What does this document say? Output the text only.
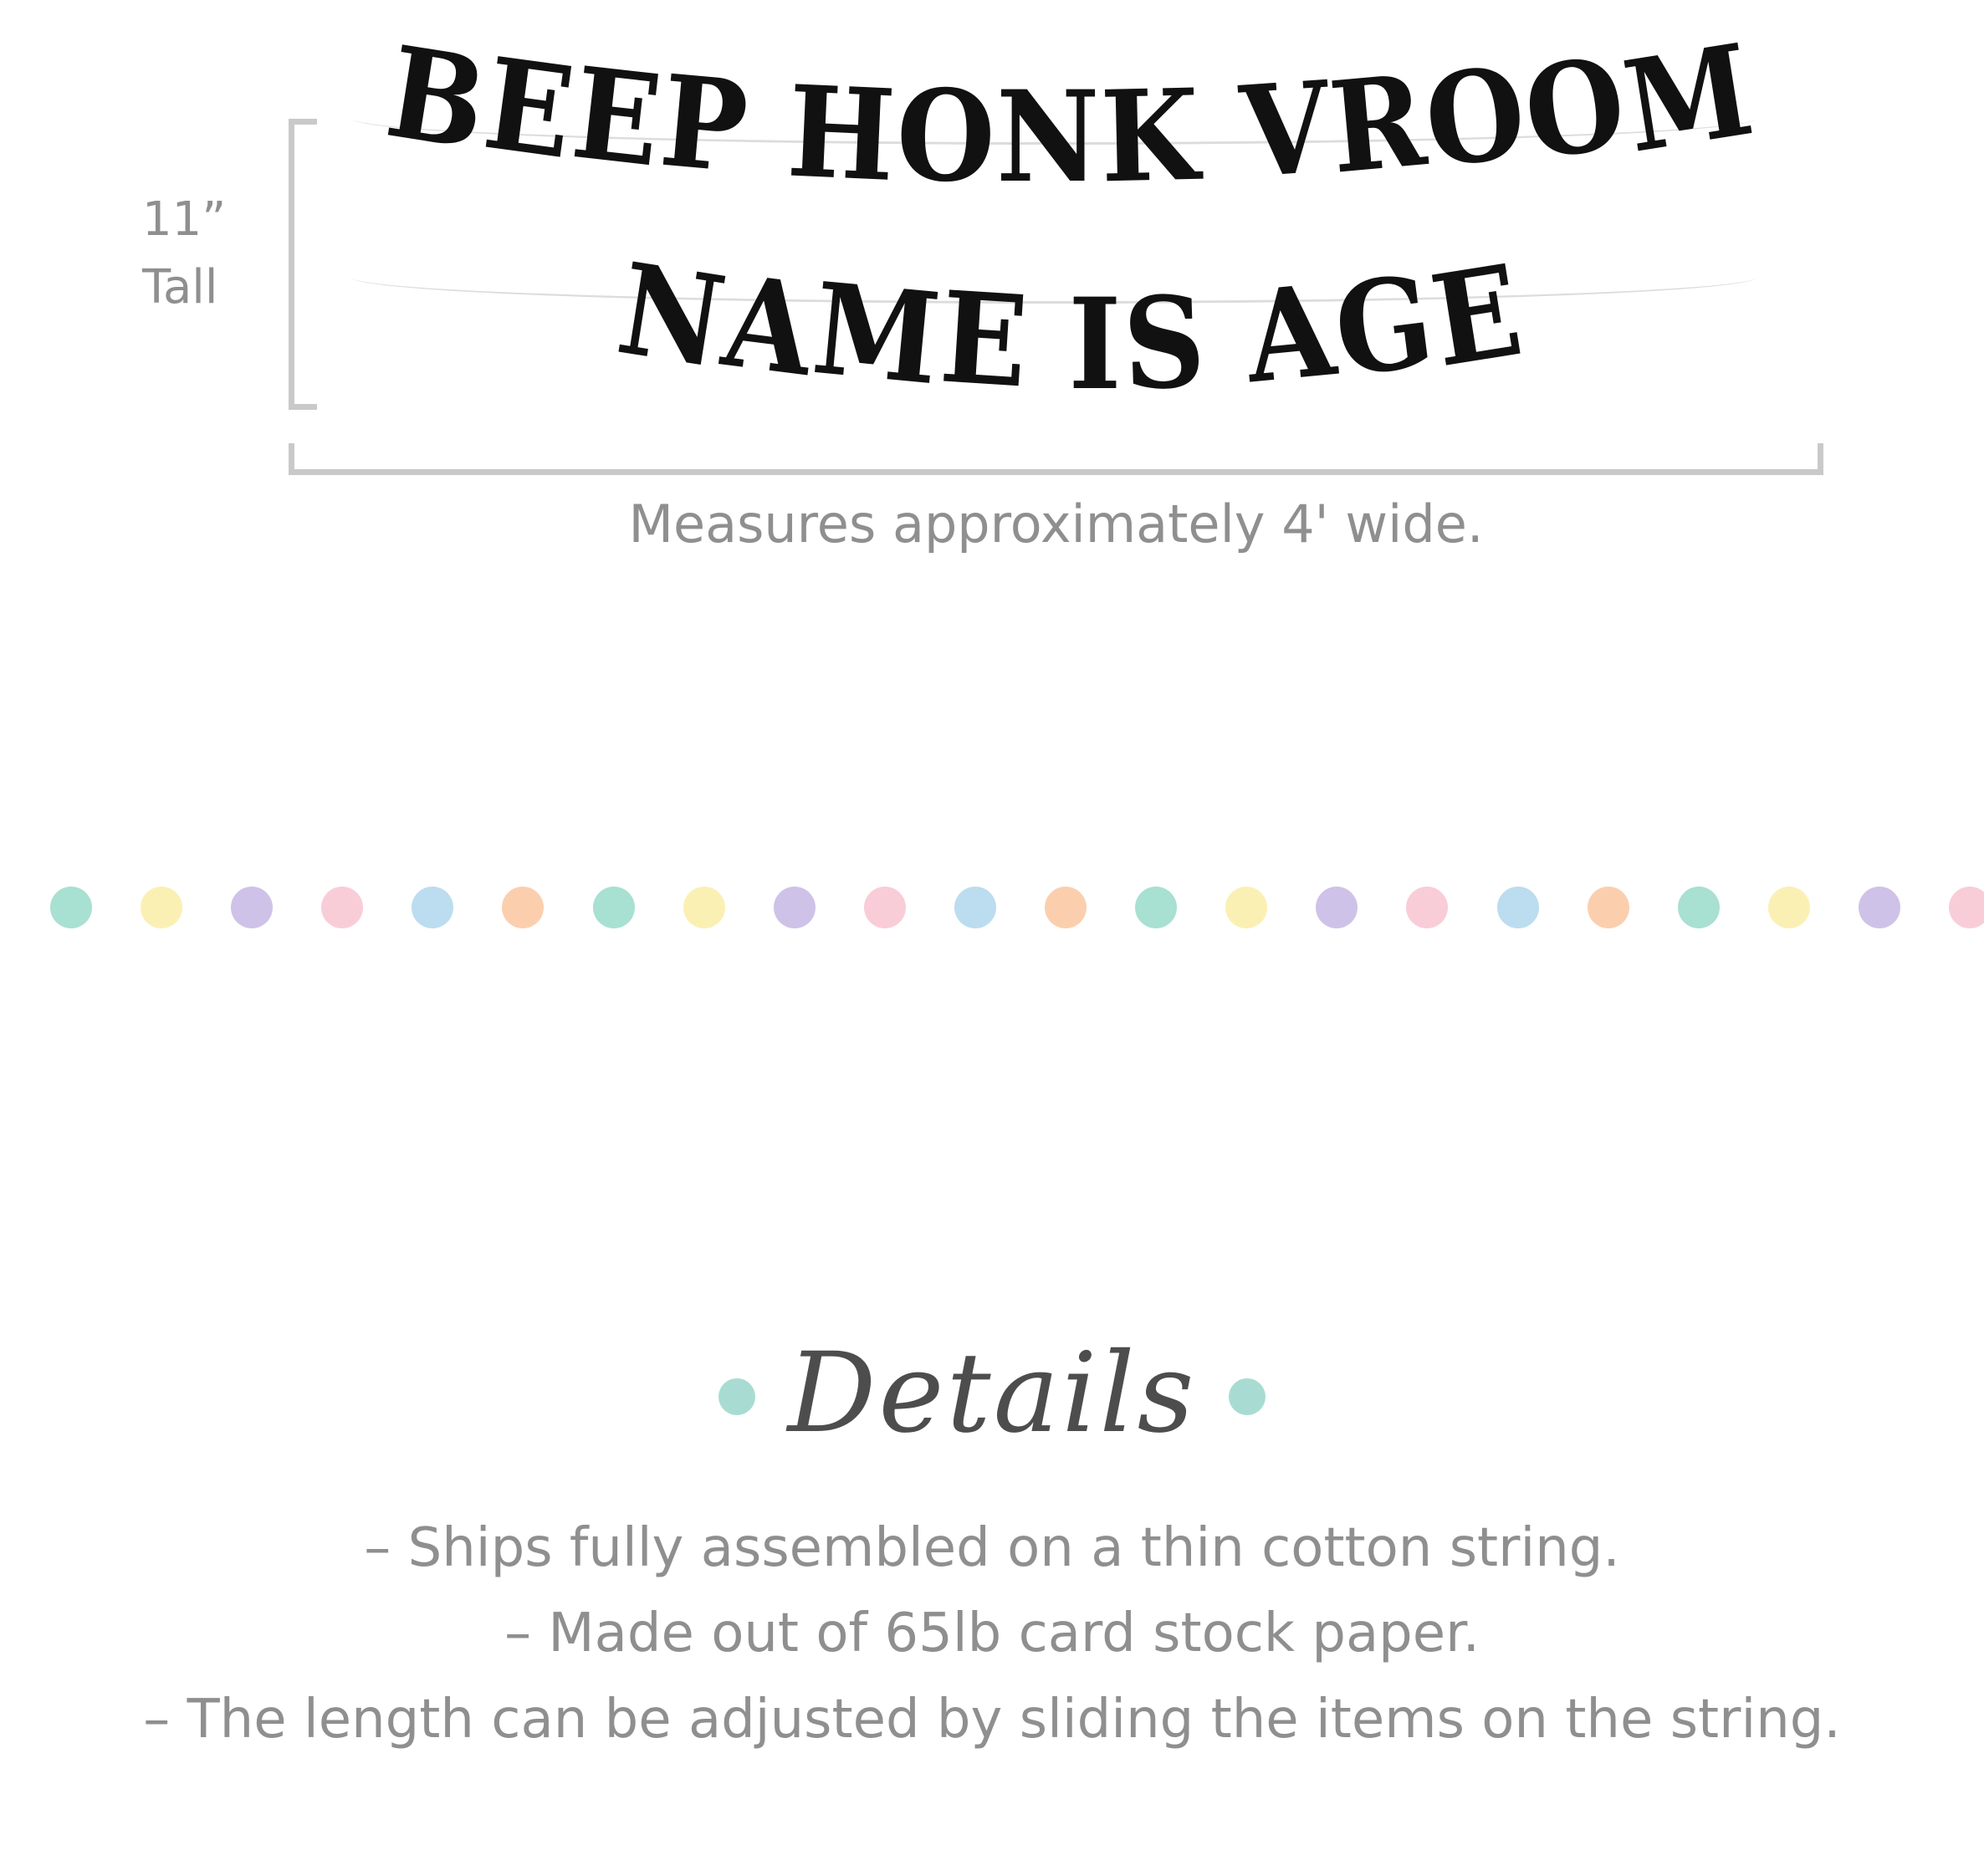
11”
Tall
BEEP HONK VROOM
NAME IS AGE
Measures approximately 4' wide.
Details
– Ships fully assembled on a thin cotton string.
– Made out of 65lb card stock paper.
– The length can be adjusted by sliding the items on the string.
